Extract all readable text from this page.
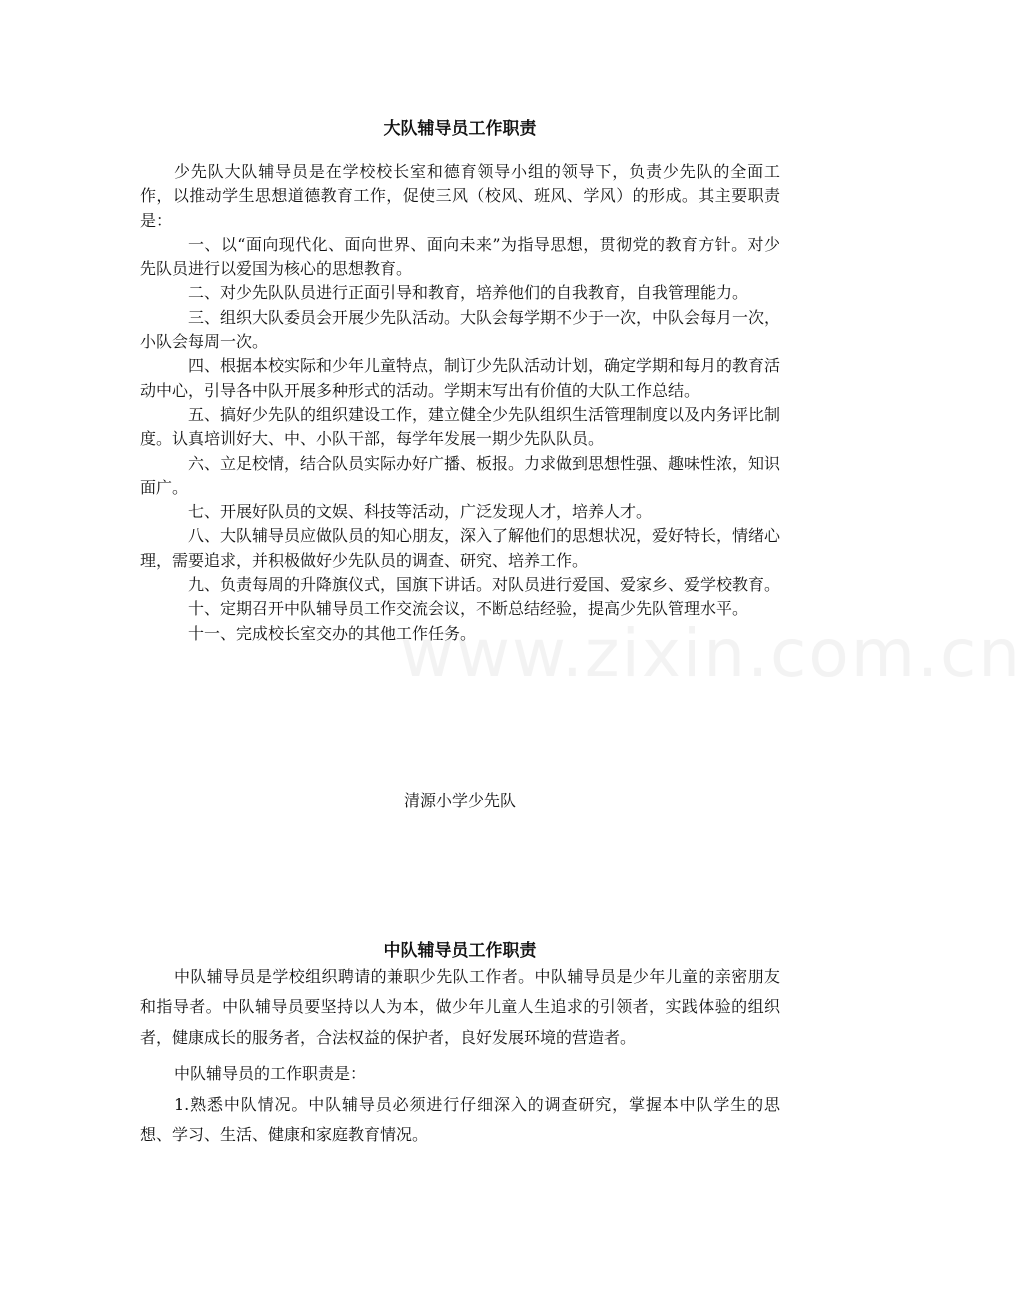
www.zixin.com.cn
大队辅导员工作职责

少先队大队辅导员是在学校校长室和德育领导小组的领导下，负责少先队的全面工作，以推动学生思想道德教育工作，促使三风（校风、班风、学风）的形成。其主要职责是：

一、以“面向现代化、面向世界、面向未来”为指导思想，贯彻党的教育方针。对少先队员进行以爱国为核心的思想教育。

二、对少先队队员进行正面引导和教育，培养他们的自我教育，自我管理能力。

三、组织大队委员会开展少先队活动。大队会每学期不少于一次，中队会每月一次，小队会每周一次。

四、根据本校实际和少年儿童特点，制订少先队活动计划，确定学期和每月的教育活动中心，引导各中队开展多种形式的活动。学期末写出有价值的大队工作总结。

五、搞好少先队的组织建设工作，建立健全少先队组织生活管理制度以及内务评比制度。认真培训好大、中、小队干部，每学年发展一期少先队队员。

六、立足校情，结合队员实际办好广播、板报。力求做到思想性强、趣味性浓，知识面广。

七、开展好队员的文娱、科技等活动，广泛发现人才，培养人才。

八、大队辅导员应做队员的知心朋友，深入了解他们的思想状况，爱好特长，情绪心理，需要追求，并积极做好少先队员的调查、研究、培养工作。

九、负责每周的升降旗仪式，国旗下讲话。对队员进行爱国、爱家乡、爱学校教育。

十、定期召开中队辅导员工作交流会议，不断总结经验，提高少先队管理水平。

十一、完成校长室交办的其他工作任务。

清源小学少先队

中队辅导员工作职责

中队辅导员是学校组织聘请的兼职少先队工作者。中队辅导员是少年儿童的亲密朋友和指导者。中队辅导员要坚持以人为本，做少年儿童人生追求的引领者，实践体验的组织者，健康成长的服务者，合法权益的保护者，良好发展环境的营造者。

中队辅导员的工作职责是：

1.熟悉中队情况。中队辅导员必须进行仔细深入的调查研究，掌握本中队学生的思想、学习、生活、健康和家庭教育情况。
